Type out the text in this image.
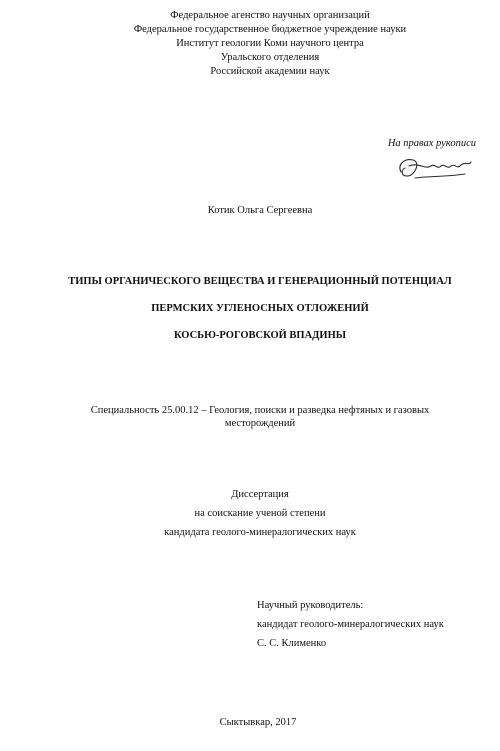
Федеральное агенство научных организаций
Федеральное государственное бюджетное учреждение науки
Институт геологии Коми научного центра
Уральского отделения
Российской академии наук
На правах рукописи
Котик Ольга Сергеевна
ТИПЫ ОРГАНИЧЕСКОГО ВЕЩЕСТВА И ГЕНЕРАЦИОННЫЙ ПОТЕНЦИАЛ
ПЕРМСКИХ УГЛЕНОСНЫХ ОТЛОЖЕНИЙ
КОСЬЮ-РОГОВСКОЙ ВПАДИНЫ
Специальность 25.00.12 – Геология, поиски и разведка нефтяных и газовых
месторождений
Диссертация
на соискание ученой степени
кандидата геолого-минералогических наук
Научный руководитель:
кандидат геолого-минералогических наук
С. С. Клименко
Сыктывкар, 2017
